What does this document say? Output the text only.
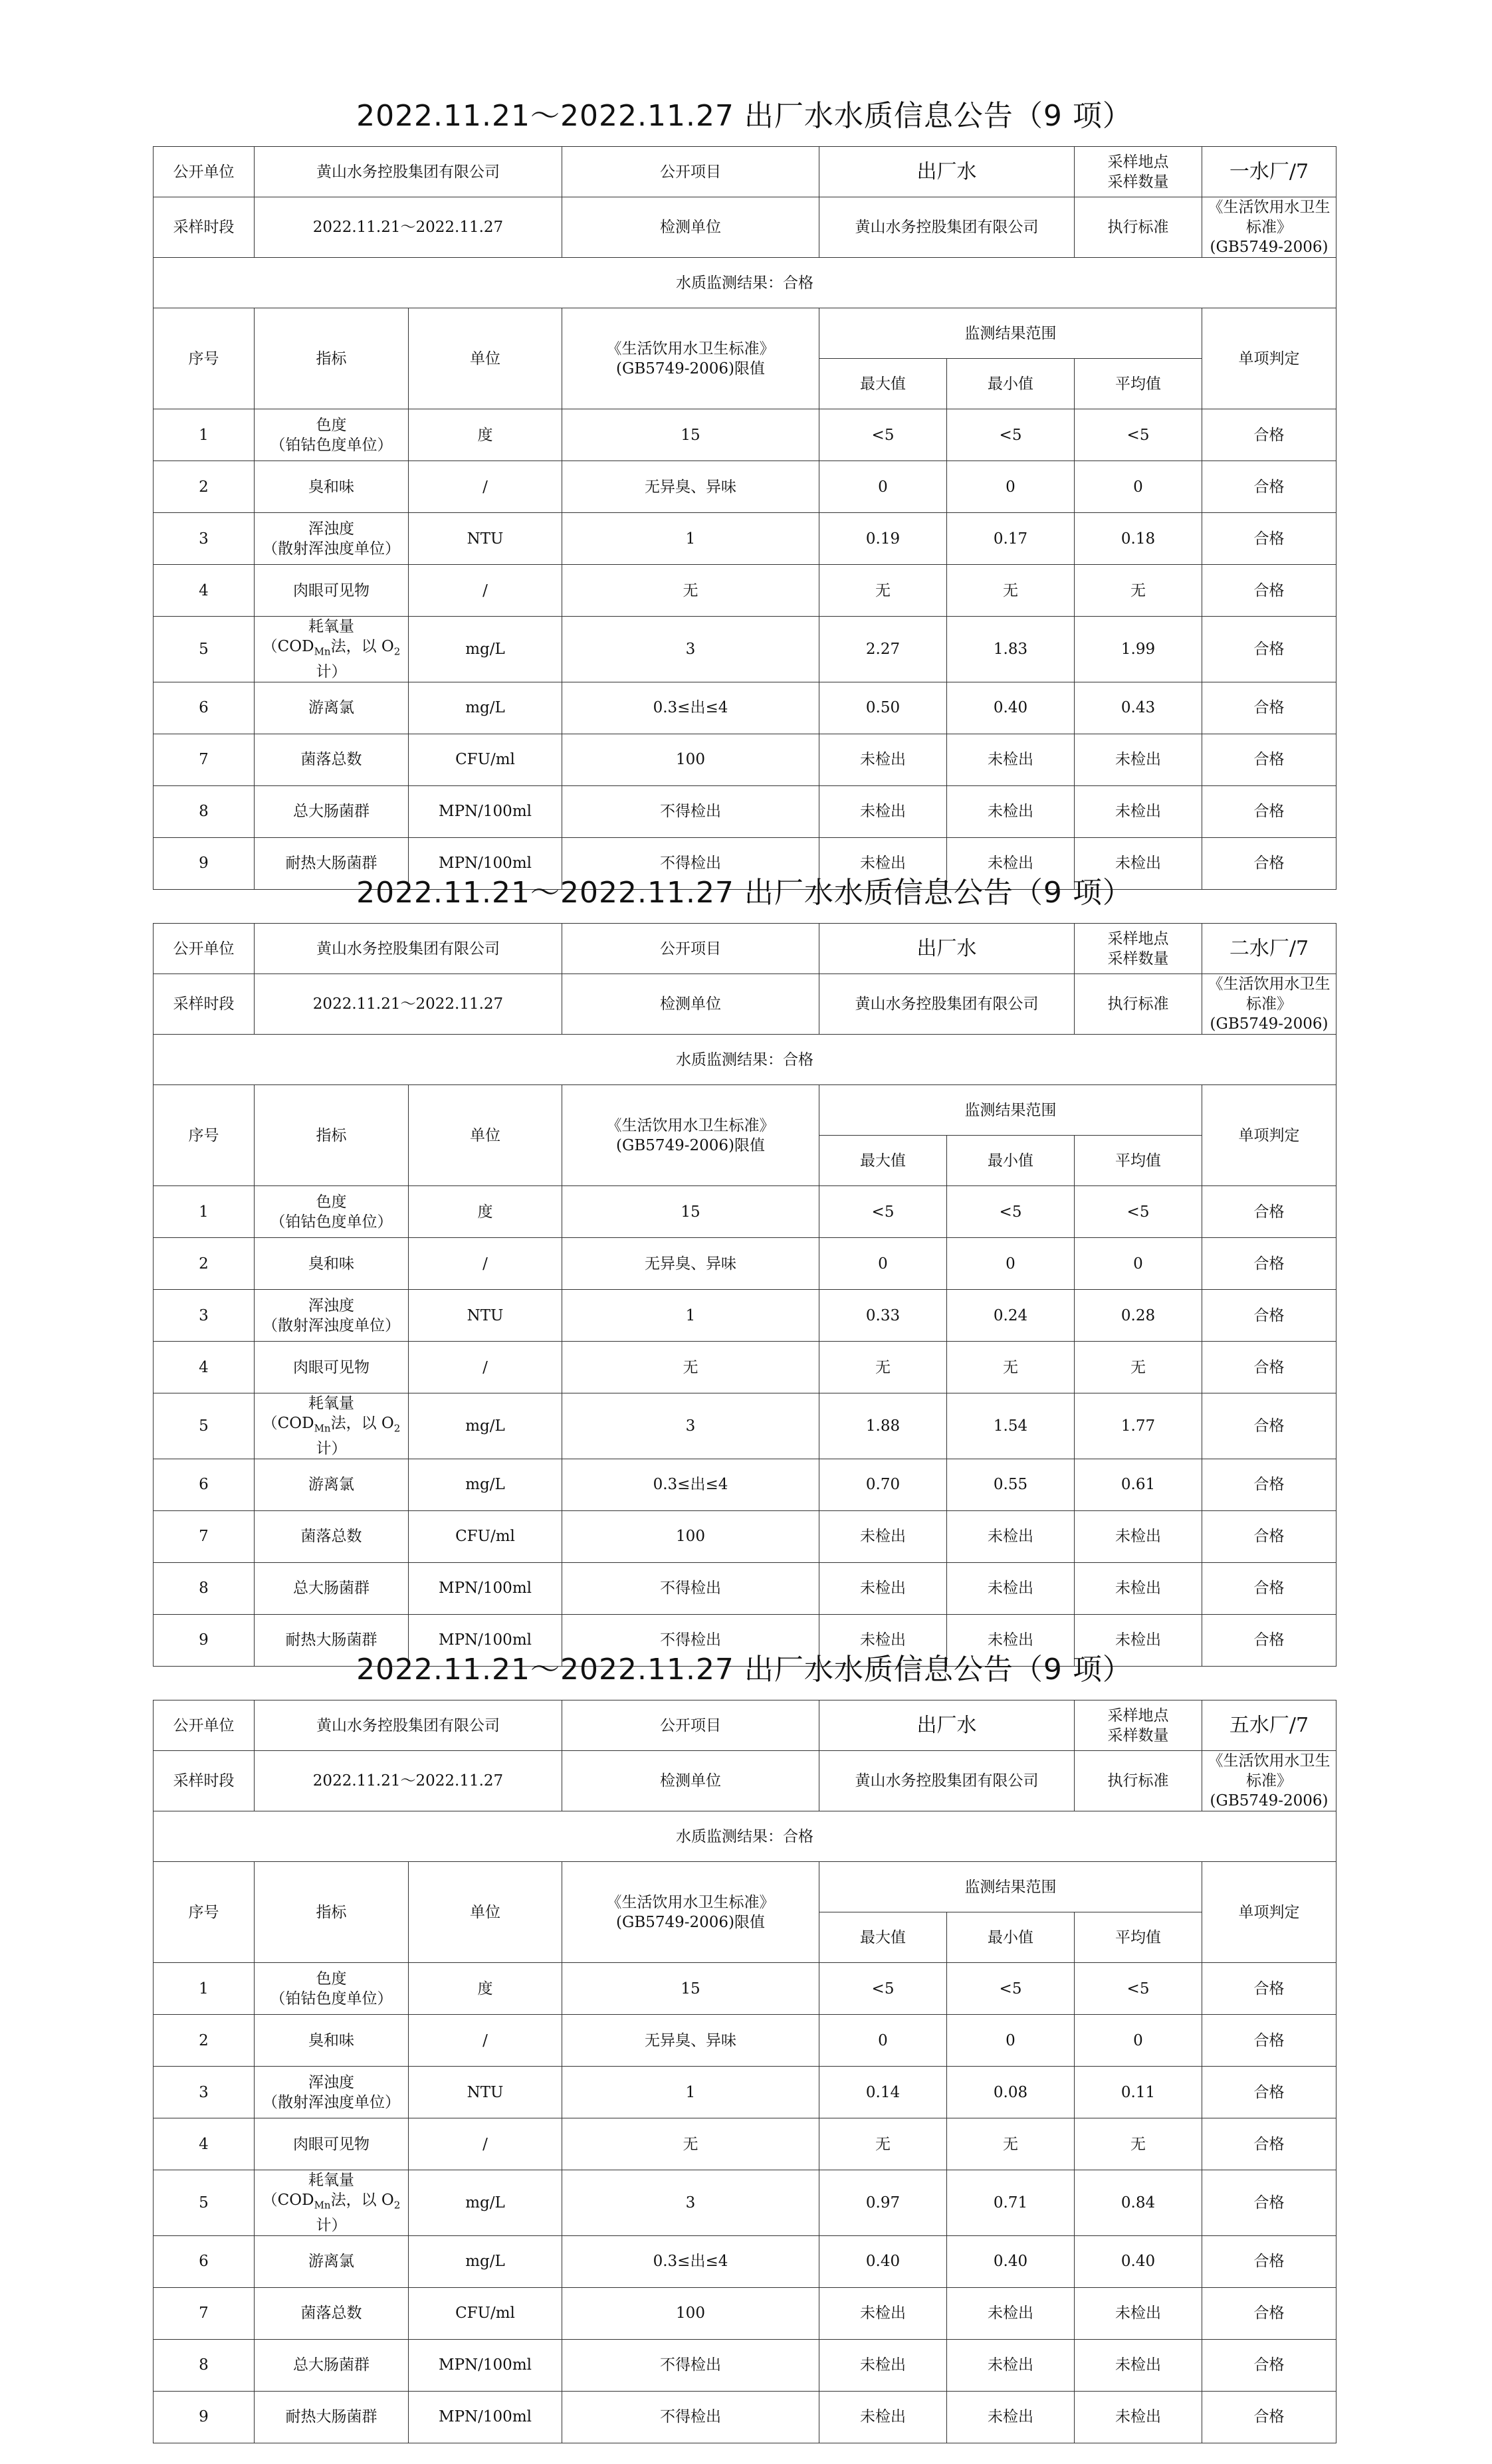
2022.11.21～2022.11.27 出厂水水质信息公告（9 项）
公开单位	黄山水务控股集团有限公司		公开项目	出厂水		采样地点
采样数量	一水厂/7
采样时段	2022.11.21～2022.11.27		检测单位	黄山水务控股集团有限公司		执行标准	《生活饮用水卫生标准》
(GB5749-2006)
水质监测结果：合格							
序号	指标	单位	《生活饮用水卫生标准》
(GB5749-2006)限值	监测结果范围			单项判定
				最大值	最小值	平均值	
1	色度
（铂钴色度单位）	度	15	<5	<5	<5	合格
2	臭和味	/	无异臭、异味	0	0	0	合格
3	浑浊度
（散射浑浊度单位）	NTU	1	0.19	0.17	0.18	合格
4	肉眼可见物	/	无	无	无	无	合格
5	耗氧量
（$COD_{Mn}$法，以 $O_2$计）	mg/L	3	2.27	1.83	1.99	合格
6	游离氯	mg/L	0.3≤出≤4	0.50	0.40	0.43	合格
7	菌落总数	CFU/ml	100	未检出	未检出	未检出	合格
8	总大肠菌群	MPN/100ml	不得检出	未检出	未检出	未检出	合格
9	耐热大肠菌群	MPN/100ml	不得检出	未检出	未检出	未检出	合格
2022.11.21～2022.11.27 出厂水水质信息公告（9 项）
公开单位	黄山水务控股集团有限公司		公开项目	出厂水		采样地点
采样数量	二水厂/7
采样时段	2022.11.21～2022.11.27		检测单位	黄山水务控股集团有限公司		执行标准	《生活饮用水卫生标准》
(GB5749-2006)
水质监测结果：合格							
序号	指标	单位	《生活饮用水卫生标准》
(GB5749-2006)限值	监测结果范围			单项判定
				最大值	最小值	平均值	
1	色度
（铂钴色度单位）	度	15	<5	<5	<5	合格
2	臭和味	/	无异臭、异味	0	0	0	合格
3	浑浊度
（散射浑浊度单位）	NTU	1	0.33	0.24	0.28	合格
4	肉眼可见物	/	无	无	无	无	合格
5	耗氧量
（$COD_{Mn}$法，以 $O_2$计）	mg/L	3	1.88	1.54	1.77	合格
6	游离氯	mg/L	0.3≤出≤4	0.70	0.55	0.61	合格
7	菌落总数	CFU/ml	100	未检出	未检出	未检出	合格
8	总大肠菌群	MPN/100ml	不得检出	未检出	未检出	未检出	合格
9	耐热大肠菌群	MPN/100ml	不得检出	未检出	未检出	未检出	合格
2022.11.21～2022.11.27 出厂水水质信息公告（9 项）
公开单位	黄山水务控股集团有限公司		公开项目	出厂水		采样地点
采样数量	五水厂/7
采样时段	2022.11.21～2022.11.27		检测单位	黄山水务控股集团有限公司		执行标准	《生活饮用水卫生标准》
(GB5749-2006)
水质监测结果：合格							
序号	指标	单位	《生活饮用水卫生标准》
(GB5749-2006)限值	监测结果范围			单项判定
				最大值	最小值	平均值	
1	色度
（铂钴色度单位）	度	15	<5	<5	<5	合格
2	臭和味	/	无异臭、异味	0	0	0	合格
3	浑浊度
（散射浑浊度单位）	NTU	1	0.14	0.08	0.11	合格
4	肉眼可见物	/	无	无	无	无	合格
5	耗氧量
（$COD_{Mn}$法，以 $O_2$计）	mg/L	3	0.97	0.71	0.84	合格
6	游离氯	mg/L	0.3≤出≤4	0.40	0.40	0.40	合格
7	菌落总数	CFU/ml	100	未检出	未检出	未检出	合格
8	总大肠菌群	MPN/100ml	不得检出	未检出	未检出	未检出	合格
9	耐热大肠菌群	MPN/100ml	不得检出	未检出	未检出	未检出	合格
